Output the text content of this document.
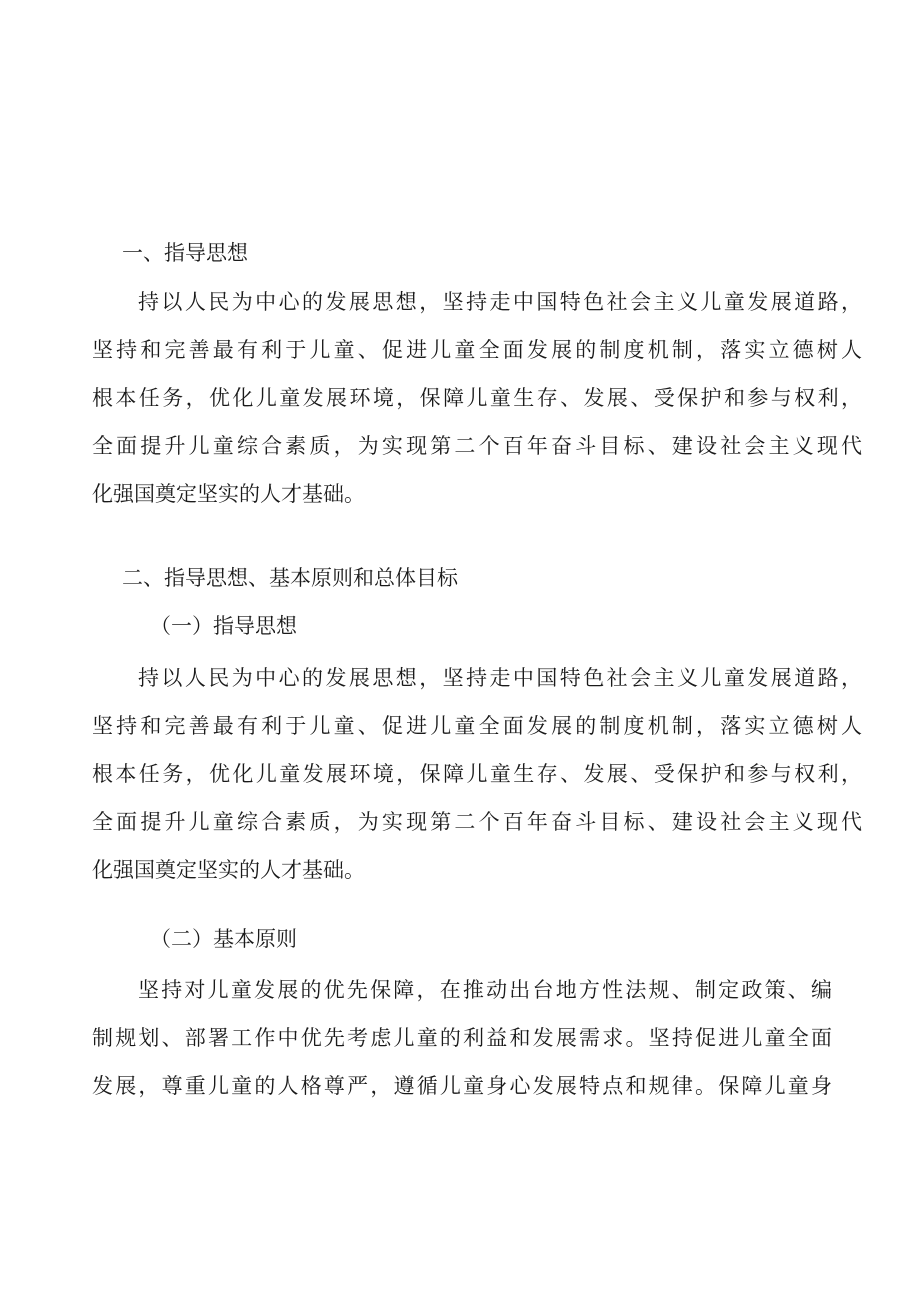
一、指导思想
持以人民为中心的发展思想，坚持走中国特色社会主义儿童发展道路，
坚持和完善最有利于儿童、促进儿童全面发展的制度机制，落实立德树人
根本任务，优化儿童发展环境，保障儿童生存、发展、受保护和参与权利，
全面提升儿童综合素质，为实现第二个百年奋斗目标、建设社会主义现代
化强国奠定坚实的人才基础。
二、指导思想、基本原则和总体目标
（一）指导思想
持以人民为中心的发展思想，坚持走中国特色社会主义儿童发展道路，
坚持和完善最有利于儿童、促进儿童全面发展的制度机制，落实立德树人
根本任务，优化儿童发展环境，保障儿童生存、发展、受保护和参与权利，
全面提升儿童综合素质，为实现第二个百年奋斗目标、建设社会主义现代
化强国奠定坚实的人才基础。
（二）基本原则
坚持对儿童发展的优先保障，在推动出台地方性法规、制定政策、编
制规划、部署工作中优先考虑儿童的利益和发展需求。坚持促进儿童全面
发展，尊重儿童的人格尊严，遵循儿童身心发展特点和规律。保障儿童身
